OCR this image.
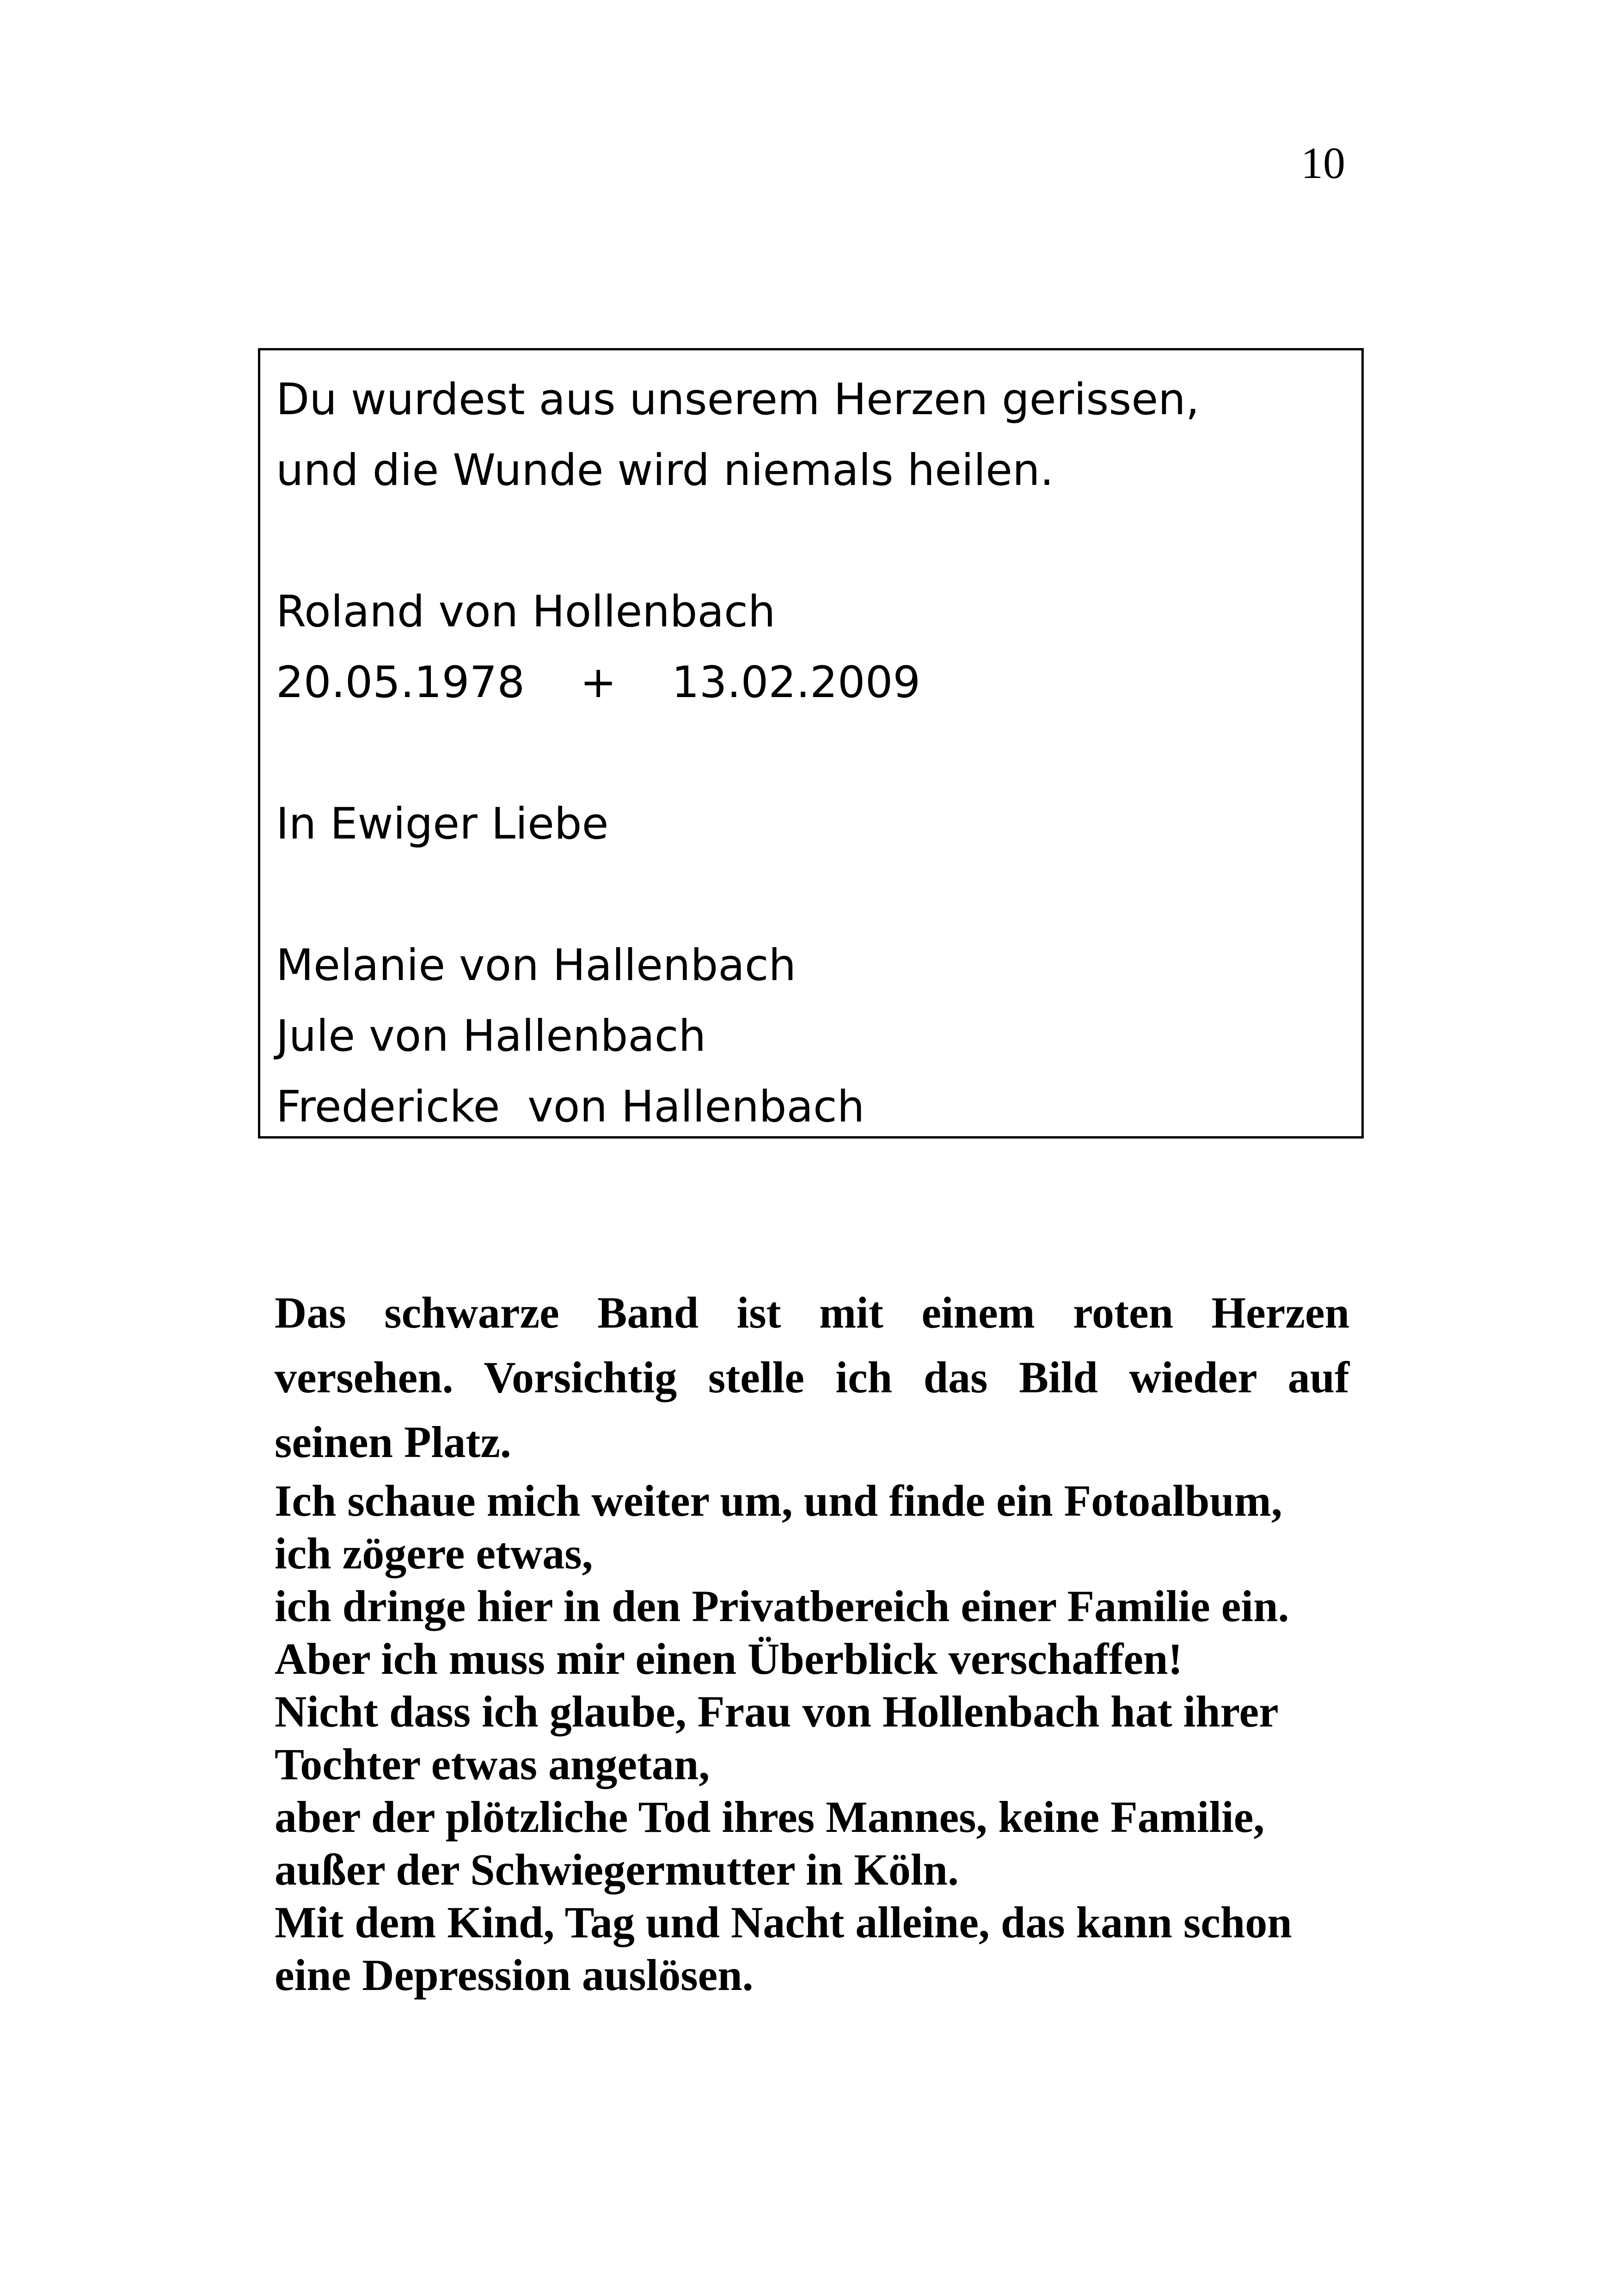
10
Du wurdest aus unserem Herzen gerissen,
und die Wunde wird niemals heilen.
Roland von Hollenbach
20.05.1978    +    13.02.2009
In Ewiger Liebe
Melanie von Hallenbach
Jule von Hallenbach
Fredericke  von Hallenbach
Das schwarze Band ist mit einem roten Herzen
versehen. Vorsichtig stelle ich das Bild wieder auf
seinen Platz.
Ich schaue mich weiter um, und finde ein Fotoalbum,
ich zögere etwas,
ich dringe hier in den Privatbereich einer Familie ein.
Aber ich muss mir einen Überblick verschaffen!
Nicht dass ich glaube, Frau von Hollenbach hat ihrer
Tochter etwas angetan,
aber der plötzliche Tod ihres Mannes, keine Familie,
außer der Schwiegermutter in Köln.
Mit dem Kind, Tag und Nacht alleine, das kann schon
eine Depression auslösen.
